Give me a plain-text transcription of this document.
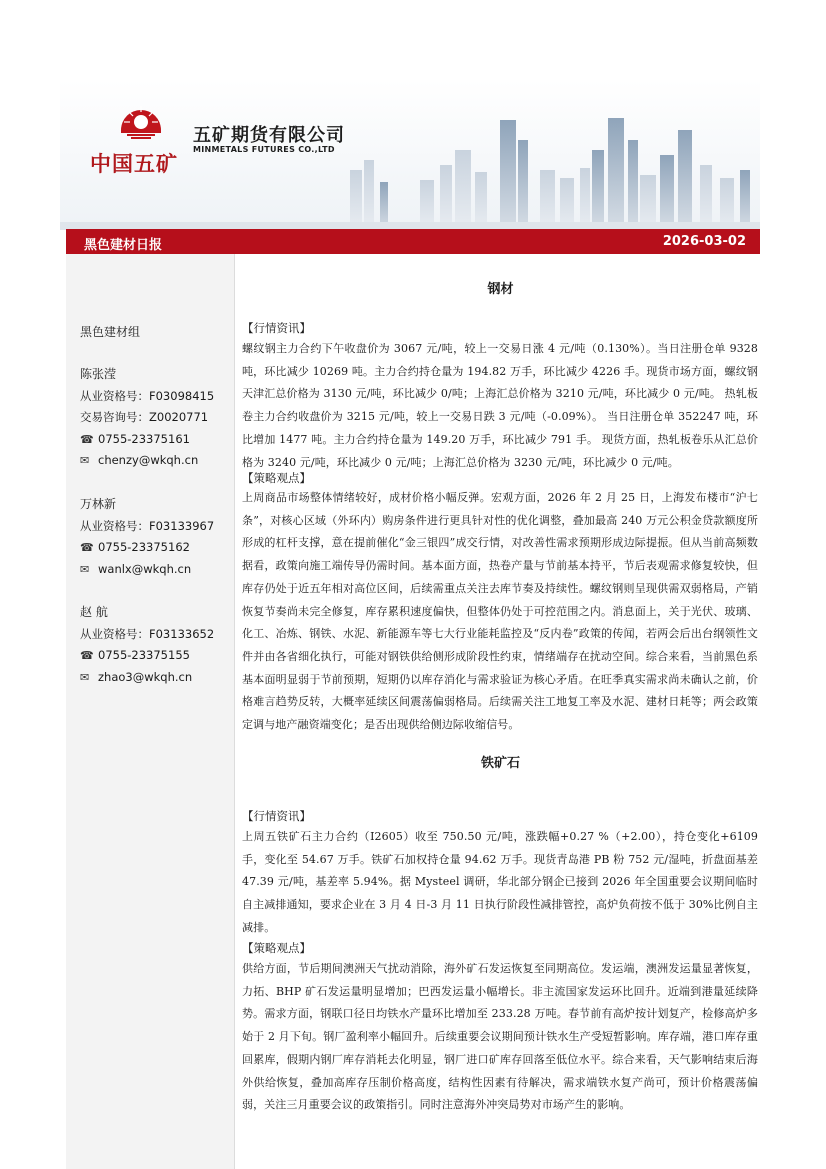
中国五矿
五矿期货有限公司
MINMETALS FUTURES CO.,LTD
黑色建材日报	2026-03-02
黑色建材组
陈张滢
从业资格号：F03098415
交易咨询号：Z0020771
☎ 0755-23375161
✉ chenzy@wkqh.cn
万林新
从业资格号：F03133967
☎ 0755-23375162
✉ wanlx@wkqh.cn
赵 航
从业资格号：F03133652
☎ 0755-23375155
✉ zhao3@wkqh.cn
钢材
【行情资讯】
螺纹钢主力合约下午收盘价为 3067 元/吨，较上一交易日涨 4 元/吨（0.130%）。当日注册仓单 9328 吨，环比减少 10269 吨。主力合约持仓量为 194.82 万手，环比减少 4226 手。现货市场方面，螺纹钢天津汇总价格为 3130 元/吨，环比减少 0/吨；上海汇总价格为 3210 元/吨，环比减少 0 元/吨。 热轧板卷主力合约收盘价为 3215 元/吨，较上一交易日跌 3 元/吨（-0.09%）。 当日注册仓单 352247 吨，环比增加 1477 吨。主力合约持仓量为 149.20 万手，环比减少 791 手。 现货方面，热轧板卷乐从汇总价格为 3240 元/吨，环比减少 0 元/吨；上海汇总价格为 3230 元/吨，环比减少 0 元/吨。
【策略观点】
上周商品市场整体情绪较好，成材价格小幅反弹。宏观方面，2026 年 2 月 25 日，上海发布楼市“沪七条”，对核心区域（外环内）购房条件进行更具针对性的优化调整，叠加最高 240 万元公积金贷款额度所形成的杠杆支撑，意在提前催化“金三银四”成交行情，对改善性需求预期形成边际提振。但从当前高频数据看，政策向施工端传导仍需时间。基本面方面，热卷产量与节前基本持平，节后表观需求修复较快，但库存仍处于近五年相对高位区间，后续需重点关注去库节奏及持续性。螺纹钢则呈现供需双弱格局，产销恢复节奏尚未完全修复，库存累积速度偏快，但整体仍处于可控范围之内。消息面上，关于光伏、玻璃、化工、冶炼、钢铁、水泥、新能源车等七大行业能耗监控及“反内卷”政策的传闻，若两会后出台纲领性文件并由各省细化执行，可能对钢铁供给侧形成阶段性约束，情绪端存在扰动空间。综合来看，当前黑色系基本面明显弱于节前预期，短期仍以库存消化与需求验证为核心矛盾。在旺季真实需求尚未确认之前，价格难言趋势反转，大概率延续区间震荡偏弱格局。后续需关注工地复工率及水泥、建材日耗等；两会政策定调与地产融资端变化；是否出现供给侧边际收缩信号。
铁矿石
【行情资讯】
上周五铁矿石主力合约（I2605）收至 750.50 元/吨，涨跌幅+0.27 %（+2.00），持仓变化+6109 手，变化至 54.67 万手。铁矿石加权持仓量 94.62 万手。现货青岛港 PB 粉 752 元/湿吨，折盘面基差 47.39 元/吨，基差率 5.94%。据 Mysteel 调研，华北部分钢企已接到 2026 年全国重要会议期间临时自主减排通知，要求企业在 3 月 4 日-3 月 11 日执行阶段性减排管控，高炉负荷按不低于 30%比例自主减排。
【策略观点】
供给方面，节后期间澳洲天气扰动消除，海外矿石发运恢复至同期高位。发运端，澳洲发运量显著恢复，力拓、BHP 矿石发运量明显增加；巴西发运量小幅增长。非主流国家发运环比回升。近端到港量延续降势。需求方面，钢联口径日均铁水产量环比增加至 233.28 万吨。春节前有高炉按计划复产，检修高炉多始于 2 月下旬。钢厂盈利率小幅回升。后续重要会议期间预计铁水生产受短暂影响。库存端，港口库存重回累库，假期内钢厂库存消耗去化明显，钢厂进口矿库存回落至低位水平。综合来看，天气影响结束后海外供给恢复，叠加高库存压制价格高度，结构性因素有待解决，需求端铁水复产尚可，预计价格震荡偏弱，关注三月重要会议的政策指引。同时注意海外冲突局势对市场产生的影响。
